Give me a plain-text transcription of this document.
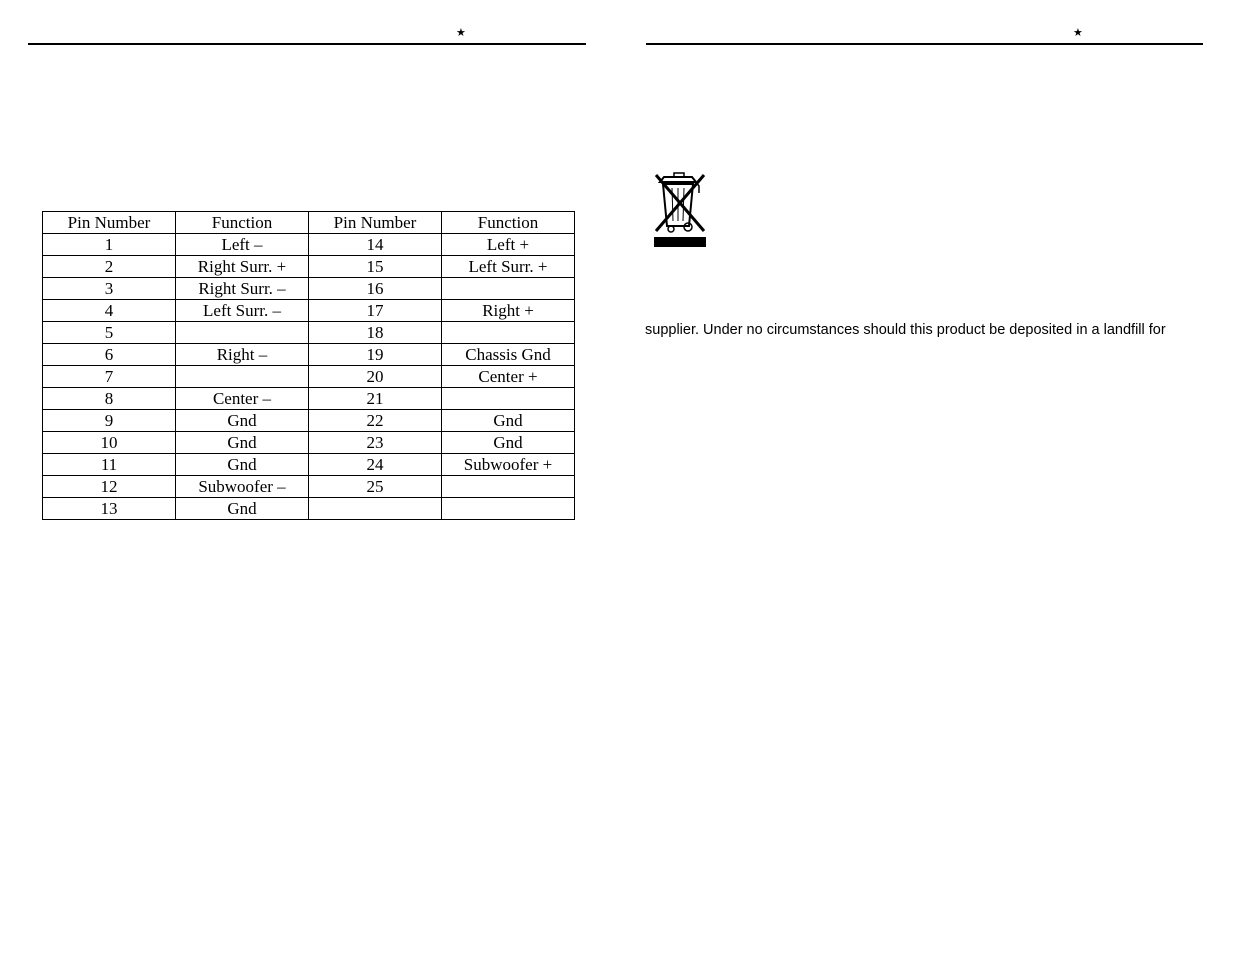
★
Pin Number	Function	Pin Number	Function
1	Left –	14	Left +
2	Right Surr. +	15	Left Surr. +
3	Right Surr. –	16	
4	Left Surr. –	17	Right +
5		18	
6	Right –	19	Chassis Gnd
7		20	Center +
8	Center –	21	
9	Gnd	22	Gnd
10	Gnd	23	Gnd
11	Gnd	24	Subwoofer +
12	Subwoofer –	25	
13	Gnd		
★
supplier. Under no circumstances should this product be deposited in a landfill for
